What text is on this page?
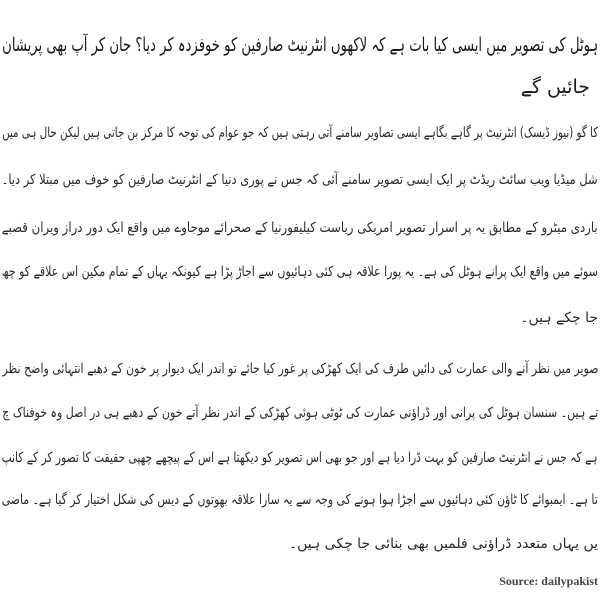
ہوٹل کی تصویر میں ایسی کیا بات ہے کہ لاکھوں انٹرنیٹ صارفین کو خوفزدہ کر دیا؟ جان کر آپ بھی پریشان
جائیں گے
کا گو (نیوز ڈیسک) انٹرنیٹ پر گاہے بگاہے ایسی تصاویر سامنے آتی رہتی ہیں کہ جو عوام کی توجہ کا مرکز بن جاتی ہیں لیکن حال ہی میں
شل میڈیا ویب سائٹ ریڈٹ پر ایک ایسی تصویر سامنے آئی کہ جس نے پوری دنیا کے انٹرنیٹ صارفین کو خوف میں مبتلا کر دیا۔
باردی میٹرو کے مطابق یہ پر اسرار تصویر امریکی ریاست کیلیفورنیا کے صحرائے موجاوے میں واقع ایک دور دراز ویران قصبے
سوئے میں واقع ایک پرانے ہوٹل کی ہے۔ یہ پورا علاقہ ہی کئی دہائیوں سے اجاڑ پڑا ہے کیونکہ یہاں کے تمام مکین اس علاقے کو چھ
جا چکے ہیں۔
صویر میں نظر آنے والی عمارت کی دائیں طرف کی ایک کھڑکی پر غور کیا جائے تو اندر ایک دیوار پر خون کے دھبے انتہائی واضح نظر
تے ہیں۔ سنسان ہوٹل کی پرانی اور ڈراؤنی عمارت کی ٹوٹی ہوئی کھڑکی کے اندر نظر آتے خون کے دھبے ہی در اصل وہ خوفناک چ
ہے کہ جس نے انٹرنیٹ صارفین کو بہت ڈرا دیا ہے اور جو بھی اس تصویر کو دیکھتا ہے اس کے پیچھے چھپی حقیقت کا تصور کر کے کانپ
تا ہے۔ ایمبوائے کا ٹاؤن کئی دہائیوں سے اجڑا ہوا ہونے کی وجہ سے یہ سارا علاقہ بھوتوں کے دیس کی شکل اختیار کر گیا ہے۔ ماضی
یں یہاں متعدد ڈراؤنی فلمیں بھی بنائی جا چکی ہیں۔
Source: dailypakist
